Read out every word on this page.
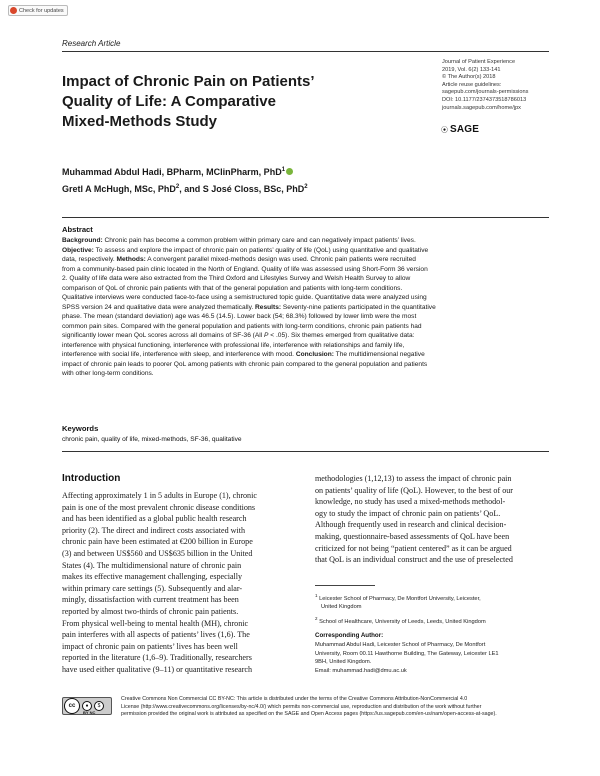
Check for updates
Research Article
Impact of Chronic Pain on Patients’
Quality of Life: A Comparative
Mixed-Methods Study
Journal of Patient Experience
2019, Vol. 6(2) 133-141
© The Author(s) 2018
Article reuse guidelines:
sagepub.com/journals-permissions
DOI: 10.1177/2374373518786013
journals.sagepub.com/home/jpx
⦿ SAGE
Muhammad Abdul Hadi, BPharm, MClinPharm, PhD$^1$
Gretl A McHugh, MSc, PhD$^2$, and S José Closs, BSc, PhD$^2$
Abstract
Background: Chronic pain has become a common problem within primary care and can negatively impact patients’ lives.
Objective: To assess and explore the impact of chronic pain on patients’ quality of life (QoL) using quantitative and qualitative
data, respectively. Methods: A convergent parallel mixed-methods design was used. Chronic pain patients were recruited
from a community-based pain clinic located in the North of England. Quality of life was assessed using Short-Form 36 version
2. Quality of life data were also extracted from the Third Oxford and Lifestyles Survey and Welsh Health Survey to allow
comparison of QoL of chronic pain patients with that of the general population and patients with long-term conditions.
Qualitative interviews were conducted face-to-face using a semistructured topic guide. Quantitative data were analyzed using
SPSS version 24 and qualitative data were analyzed thematically. Results: Seventy-nine patients participated in the quantitative
phase. The mean (standard deviation) age was 46.5 (14.5). Lower back (54; 68.3%) followed by lower limb were the most
common pain sites. Compared with the general population and patients with long-term conditions, chronic pain patients had
significantly lower mean QoL scores across all domains of SF-36 (All P < .05). Six themes emerged from qualitative data:
interference with physical functioning, interference with professional life, interference with relationships and family life,
interference with social life, interference with sleep, and interference with mood. Conclusion: The multidimensional negative
impact of chronic pain leads to poorer QoL among patients with chronic pain compared to the general population and patients
with other long-term conditions.
Keywords
chronic pain, quality of life, mixed-methods, SF-36, qualitative
Introduction
Affecting approximately 1 in 5 adults in Europe (1), chronic
pain is one of the most prevalent chronic disease conditions
and has been identified as a global public health research
priority (2). The direct and indirect costs associated with
chronic pain have been estimated at €200 billion in Europe
(3) and between US$560 and US$635 billion in the United
States (4). The multidimensional nature of chronic pain
makes its effective management challenging, especially
within primary care settings (5). Subsequently and alar-
mingly, dissatisfaction with current treatment has been
reported by almost two-thirds of chronic pain patients.
From physical well-being to mental health (MH), chronic
pain interferes with all aspects of patients’ lives (1,6). The
impact of chronic pain on patients’ lives has been well
reported in the literature (1,6–9). Traditionally, researchers
have used either qualitative (9–11) or quantitative research
methodologies (1,12,13) to assess the impact of chronic pain
on patients’ quality of life (QoL). However, to the best of our
knowledge, no study has used a mixed-methods methodol-
ogy to study the impact of chronic pain on patients’ QoL.
Although frequently used in research and clinical decision-
making, questionnaire-based assessments of QoL have been
criticized for not being “patient centered” as it can be argued
that QoL is an individual construct and the use of preselected
$^1$ Leicester School of Pharmacy, De Montfort University, Leicester,
United Kingdom
$^2$ School of Healthcare, University of Leeds, Leeds, United Kingdom
Corresponding Author:
Muhammad Abdul Hadi, Leicester School of Pharmacy, De Montfort
University, Room 00.11 Hawthorne Building, The Gateway, Leicester LE1
9BH, United Kingdom.
Email: muhammad.hadi@dmu.ac.uk
cc	●	$
BY NC
Creative Commons Non Commercial CC BY-NC: This article is distributed under the terms of the Creative Commons Attribution-NonCommercial 4.0
License (http://www.creativecommons.org/licenses/by-nc/4.0/) which permits non-commercial use, reproduction and distribution of the work without further
permission provided the original work is attributed as specified on the SAGE and Open Access pages (https://us.sagepub.com/en-us/nam/open-access-at-sage).
